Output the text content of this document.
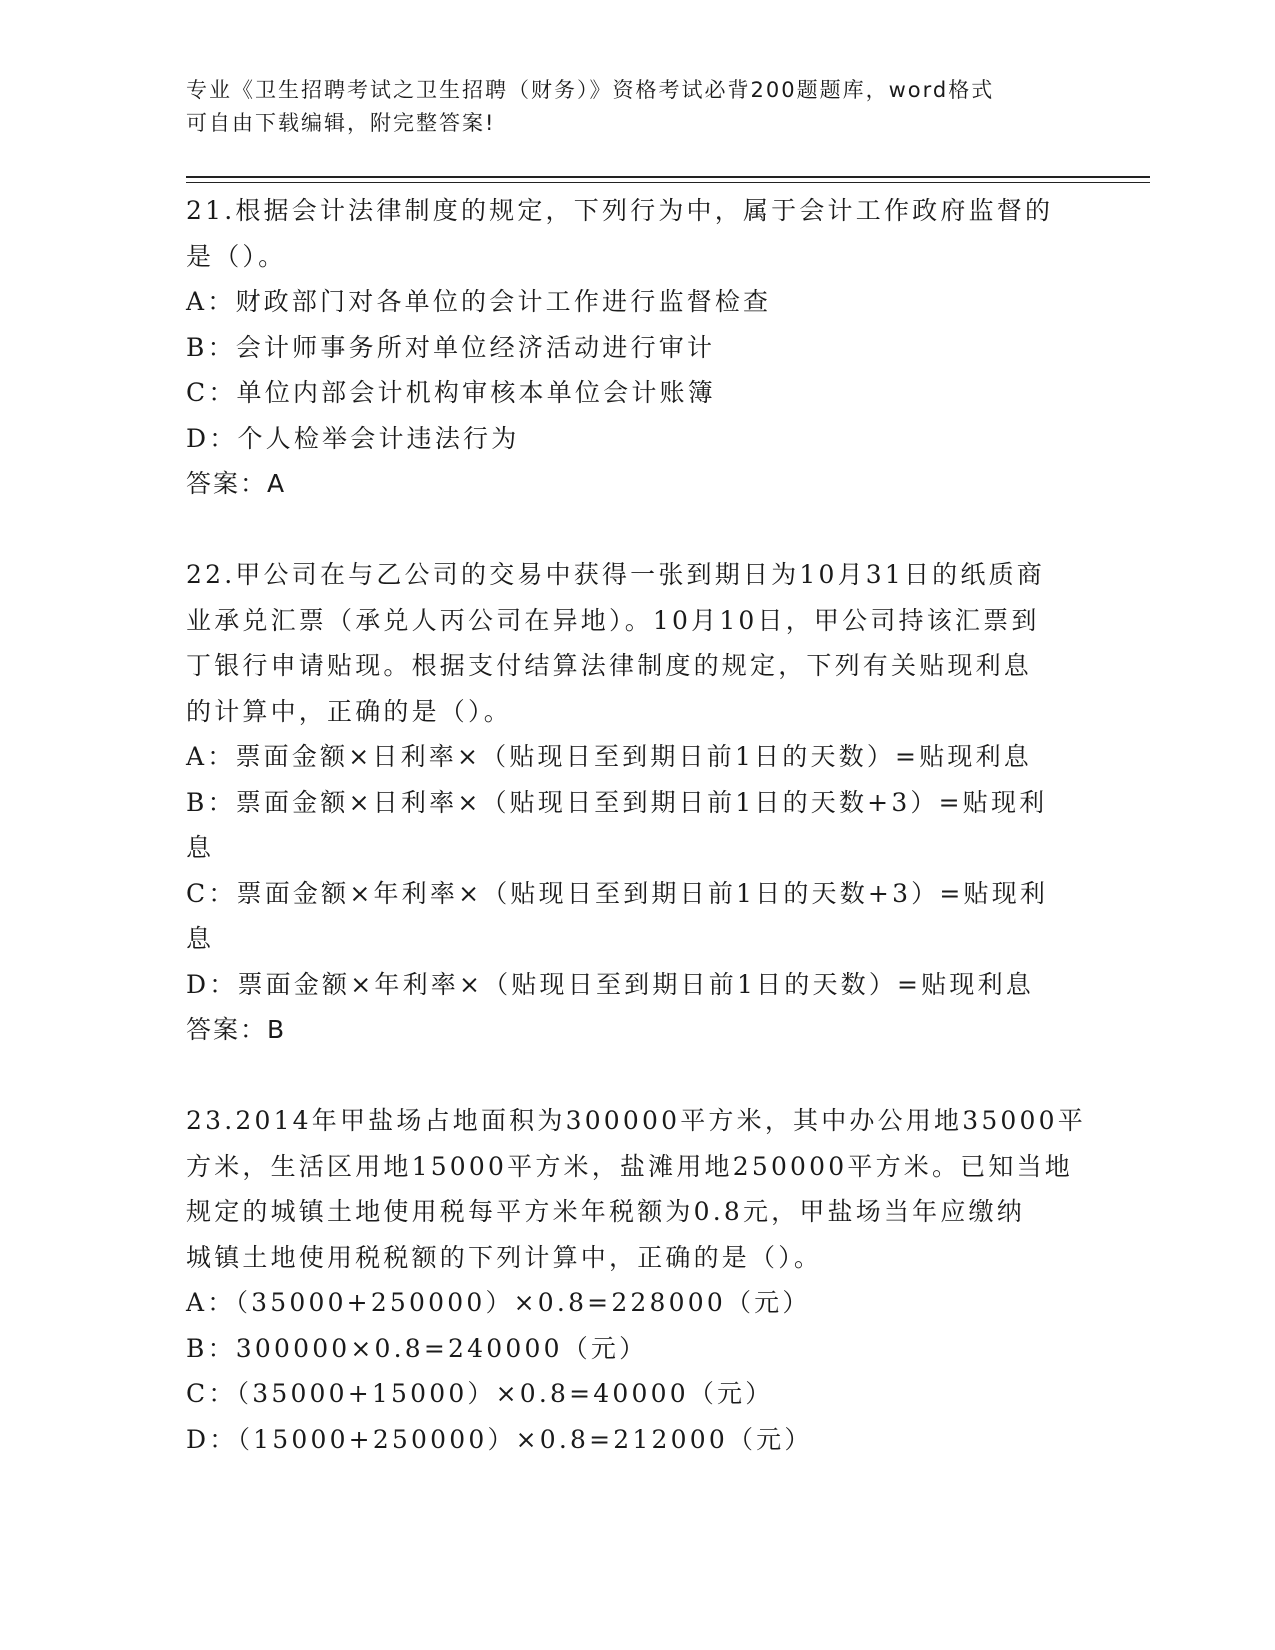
专业《卫生招聘考试之卫生招聘（财务）》资格考试必背200题题库，word格式

可自由下载编辑，附完整答案!

21.根据会计法律制度的规定，下列行为中，属于会计工作政府监督的

是（）。

A：财政部门对各单位的会计工作进行监督检查

B：会计师事务所对单位经济活动进行审计

C：单位内部会计机构审核本单位会计账簿

D：个人检举会计违法行为

答案：A

22.甲公司在与乙公司的交易中获得一张到期日为10月31日的纸质商

业承兑汇票（承兑人丙公司在异地）。10月10日，甲公司持该汇票到

丁银行申请贴现。根据支付结算法律制度的规定，下列有关贴现利息

的计算中，正确的是（）。

A：票面金额×日利率×（贴现日至到期日前1日的天数）=贴现利息

B：票面金额×日利率×（贴现日至到期日前1日的天数+3）=贴现利

息

C：票面金额×年利率×（贴现日至到期日前1日的天数+3）=贴现利

息

D：票面金额×年利率×（贴现日至到期日前1日的天数）=贴现利息

答案：B

23.2014年甲盐场占地面积为300000平方米，其中办公用地35000平

方米，生活区用地15000平方米，盐滩用地250000平方米。已知当地

规定的城镇土地使用税每平方米年税额为0.8元，甲盐场当年应缴纳

城镇土地使用税税额的下列计算中，正确的是（）。

A：（35000+250000）×0.8=228000（元）

B：300000×0.8=240000（元）

C：（35000+15000）×0.8=40000（元）

D：（15000+250000）×0.8=212000（元）
